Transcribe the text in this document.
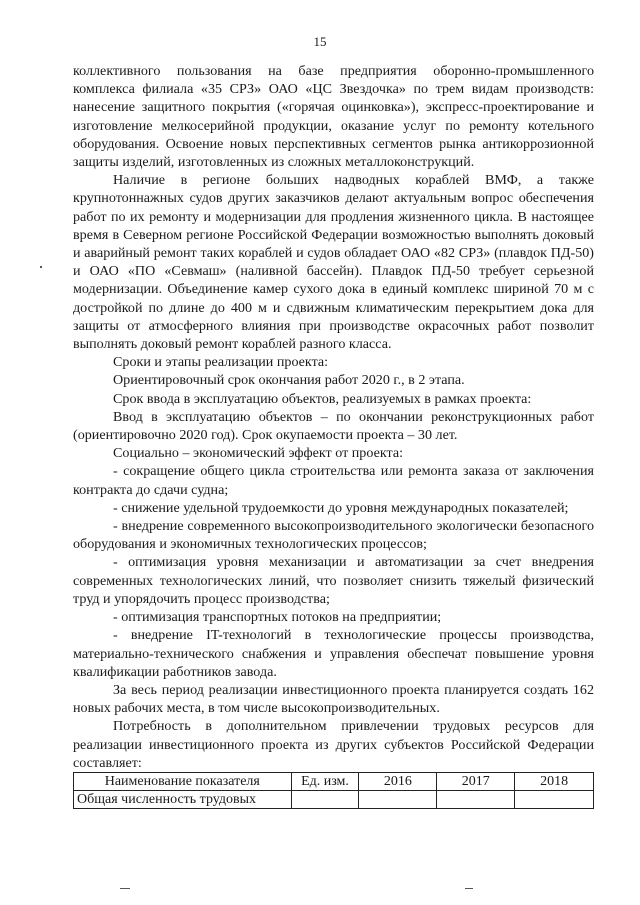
15

коллективного пользования на базе предприятия оборонно-промышленного комплекса филиала «35 СРЗ» ОАО «ЦС Звездочка» по трем видам производств: нанесение защитного покрытия («горячая оцинковка»), экспресс-проектирование и изготовление мелкосерийной продукции, оказание услуг по ремонту котельного оборудования. Освоение новых перспективных сегментов рынка антикоррозионной защиты изделий, изготовленных из сложных металлоконструкций.

Наличие в регионе больших надводных кораблей ВМФ, а также крупнотоннажных судов других заказчиков делают актуальным вопрос обеспечения работ по их ремонту и модернизации для продления жизненного цикла. В настоящее время в Северном регионе Российской Федерации возможностью выполнять доковый и аварийный ремонт таких кораблей и судов обладает ОАО «82 СРЗ» (плавдок ПД-50) и ОАО «ПО «Севмаш» (наливной бассейн). Плавдок ПД-50 требует серьезной модернизации. Объединение камер сухого дока в единый комплекс шириной 70 м с достройкой по длине до 400 м и сдвижным климатическим перекрытием дока для защиты от атмосферного влияния при производстве окрасочных работ позволит выполнять доковый ремонт кораблей разного класса.

Сроки и этапы реализации проекта:

Ориентировочный срок окончания работ 2020 г., в 2 этапа.

Срок ввода в эксплуатацию объектов, реализуемых в рамках проекта:

Ввод в эксплуатацию объектов – по окончании реконструкционных работ (ориентировочно 2020 год). Срок окупаемости проекта – 30 лет.

Социально – экономический эффект от проекта:

- сокращение общего цикла строительства или ремонта заказа от заключения контракта до сдачи судна;

- снижение удельной трудоемкости до уровня международных показателей;

- внедрение современного высокопроизводительного экологически безопасного оборудования и экономичных технологических процессов;

- оптимизация уровня механизации и автоматизации за счет внедрения современных технологических линий, что позволяет снизить тяжелый физический труд и упорядочить процесс производства;

- оптимизация транспортных потоков на предприятии;

- внедрение IT-технологий в технологические процессы производства, материально-технического снабжения и управления обеспечат повышение уровня квалификации работников завода.

За весь период реализации инвестиционного проекта планируется создать 162 новых рабочих места, в том числе высокопроизводительных.

Потребность в дополнительном привлечении трудовых ресурсов для реализации инвестиционного проекта из других субъектов Российской Федерации составляет:

Наименование показателя	Ед. изм.	2016	2017	2018
Общая численность трудовых				
